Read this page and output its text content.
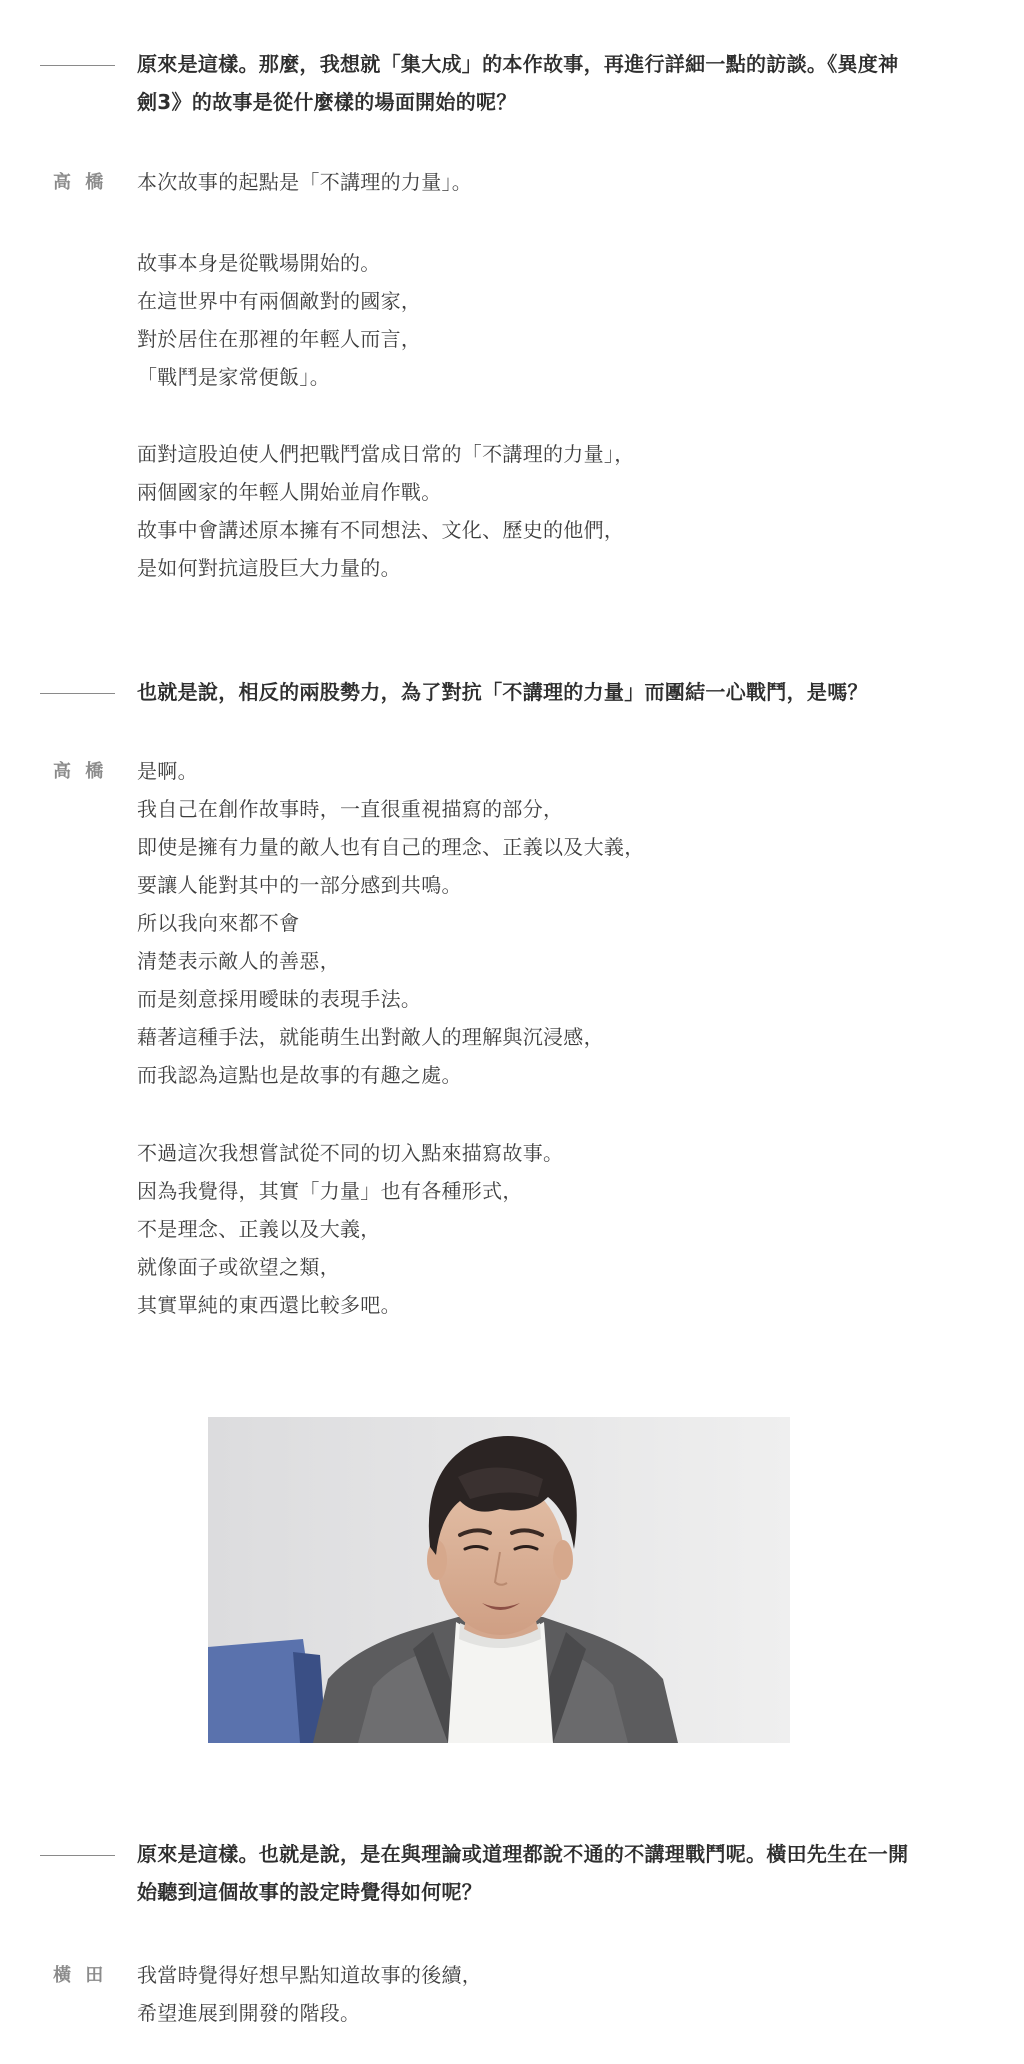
原來是這樣。那麼，我想就「集大成」的本作故事，再進行詳細一點的訪談。《異度神
劍3》的故事是從什麼樣的場面開始的呢？
高 橋 本次故事的起點是「不講理的力量」。
故事本身是從戰場開始的。
在這世界中有兩個敵對的國家，
對於居住在那裡的年輕人而言，
「戰鬥是家常便飯」。
面對這股迫使人們把戰鬥當成日常的「不講理的力量」，
兩個國家的年輕人開始並肩作戰。
故事中會講述原本擁有不同想法、文化、歷史的他們，
是如何對抗這股巨大力量的。
也就是說，相反的兩股勢力，為了對抗「不講理的力量」而團結一心戰鬥，是嗎？
高 橋 是啊。
我自己在創作故事時，一直很重視描寫的部分，
即使是擁有力量的敵人也有自己的理念、正義以及大義，
要讓人能對其中的一部分感到共鳴。
所以我向來都不會
清楚表示敵人的善惡，
而是刻意採用曖昧的表現手法。
藉著這種手法，就能萌生出對敵人的理解與沉浸感，
而我認為這點也是故事的有趣之處。
不過這次我想嘗試從不同的切入點來描寫故事。
因為我覺得，其實「力量」也有各種形式，
不是理念、正義以及大義，
就像面子或欲望之類，
其實單純的東西還比較多吧。
原來是這樣。也就是說，是在與理論或道理都說不通的不講理戰鬥呢。橫田先生在一開
始聽到這個故事的設定時覺得如何呢？
橫 田 我當時覺得好想早點知道故事的後續，
希望進展到開發的階段。
